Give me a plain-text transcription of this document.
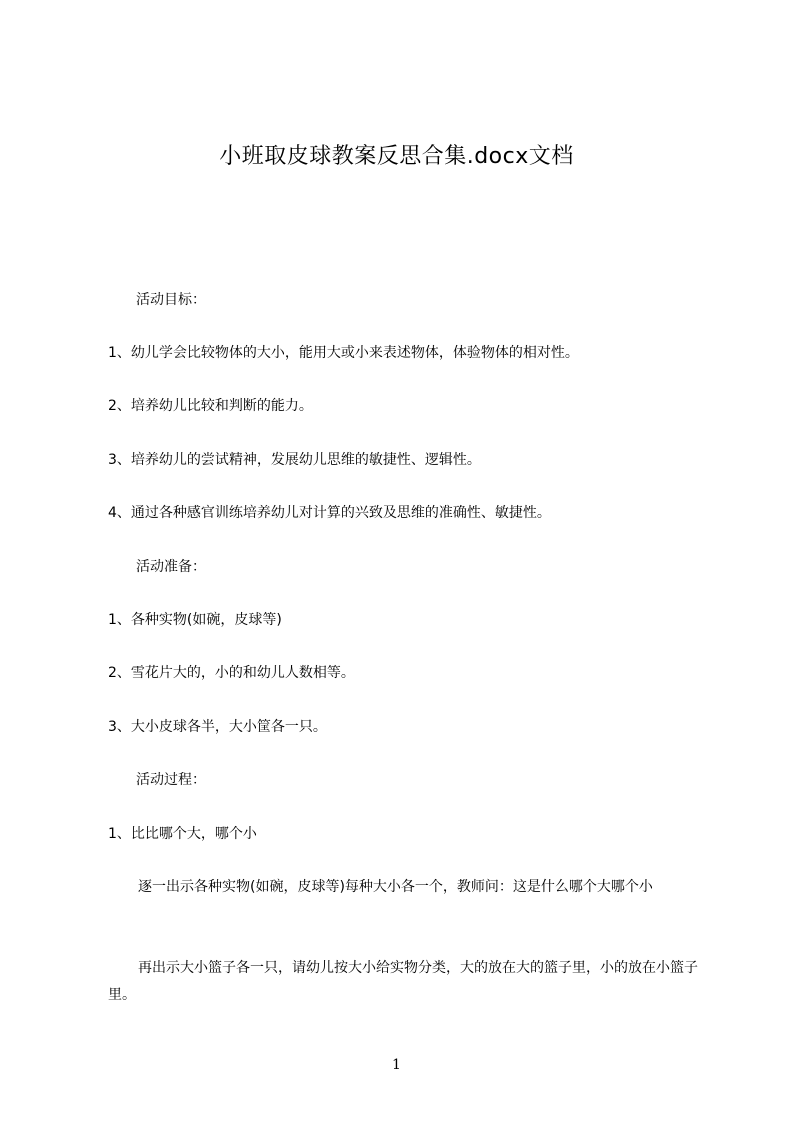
小班取皮球教案反思合集.docx文档

活动目标：

1、幼儿学会比较物体的大小，能用大或小来表述物体，体验物体的相对性。

2、培养幼儿比较和判断的能力。

3、培养幼儿的尝试精神，发展幼儿思维的敏捷性、逻辑性。

4、通过各种感官训练培养幼儿对计算的兴致及思维的准确性、敏捷性。

活动准备：

1、各种实物(如碗，皮球等)

2、雪花片大的，小的和幼儿人数相等。

3、大小皮球各半，大小筐各一只。

活动过程：

1、比比哪个大，哪个小

逐一出示各种实物(如碗，皮球等)每种大小各一个，教师问：这是什么哪个大哪个小

再出示大小篮子各一只，请幼儿按大小给实物分类，大的放在大的篮子里，小的放在小篮子里。

1
